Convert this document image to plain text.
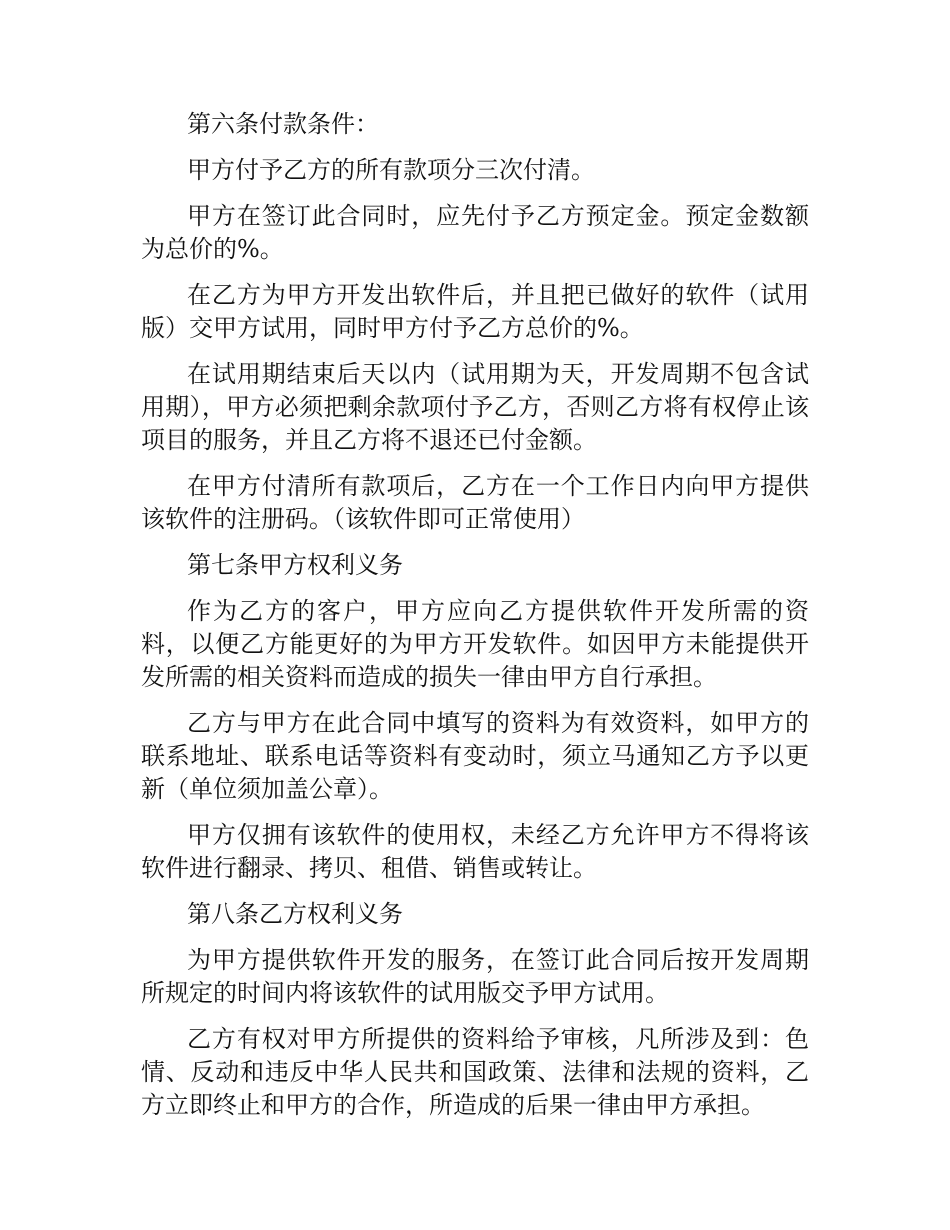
第六条付款条件：

甲方付予乙方的所有款项分三次付清。

甲方在签订此合同时，应先付予乙方预定金。预定金数额为总价的%。

在乙方为甲方开发出软件后，并且把已做好的软件（试用版）交甲方试用，同时甲方付予乙方总价的%。

在试用期结束后天以内（试用期为天，开发周期不包含试用期），甲方必须把剩余款项付予乙方，否则乙方将有权停止该项目的服务，并且乙方将不退还已付金额。

在甲方付清所有款项后，乙方在一个工作日内向甲方提供该软件的注册码。（该软件即可正常使用）

第七条甲方权利义务

作为乙方的客户，甲方应向乙方提供软件开发所需的资料，以便乙方能更好的为甲方开发软件。如因甲方未能提供开发所需的相关资料而造成的损失一律由甲方自行承担。

乙方与甲方在此合同中填写的资料为有效资料，如甲方的联系地址、联系电话等资料有变动时，须立马通知乙方予以更新（单位须加盖公章）。

甲方仅拥有该软件的使用权，未经乙方允许甲方不得将该软件进行翻录、拷贝、租借、销售或转让。

第八条乙方权利义务

为甲方提供软件开发的服务，在签订此合同后按开发周期所规定的时间内将该软件的试用版交予甲方试用。

乙方有权对甲方所提供的资料给予审核，凡所涉及到：色情、反动和违反中华人民共和国政策、法律和法规的资料，乙方立即终止和甲方的合作，所造成的后果一律由甲方承担。
